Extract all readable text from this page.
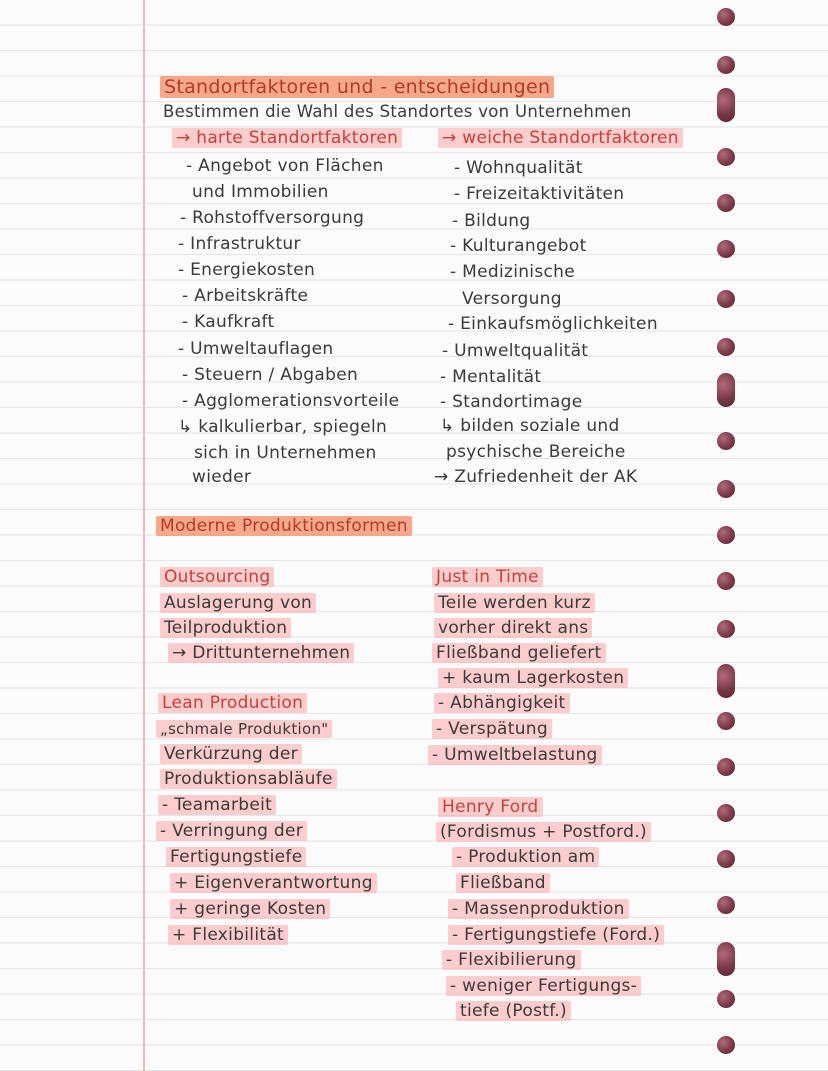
Standortfaktoren und - entscheidungen
Bestimmen die Wahl des Standortes von Unternehmen
→ harte Standortfaktoren	→ weiche Standortfaktoren
- Angebot von Flächen
und Immobilien
- Rohstoffversorgung
- Infrastruktur
- Energiekosten
- Arbeitskräfte
- Kaufkraft
- Umweltauflagen
- Steuern / Abgaben
- Agglomerationsvorteile
↳ kalkulierbar, spiegeln
sich in Unternehmen
wieder
- Wohnqualität
- Freizeitaktivitäten
- Bildung
- Kulturangebot
- Medizinische
Versorgung
- Einkaufsmöglichkeiten
- Umweltqualität
- Mentalität
- Standortimage
↳ bilden soziale und
psychische Bereiche
→ Zufriedenheit der AK
Moderne Produktionsformen
Outsourcing
Auslagerung von
Teilproduktion
→ Drittunternehmen
Just in Time
Teile werden kurz
vorher direkt ans
Fließband geliefert
+ kaum Lagerkosten
- Abhängigkeit
- Verspätung
- Umweltbelastung
Lean Production
„schmale Produktion"
Verkürzung der
Produktionsabläufe
- Teamarbeit
- Verringung der
Fertigungstiefe
+ Eigenverantwortung
+ geringe Kosten
+ Flexibilität
Henry Ford
(Fordismus + Postford.)
- Produktion am
Fließband
- Massenproduktion
- Fertigungstiefe (Ford.)
- Flexibilierung
- weniger Fertigungs-
tiefe (Postf.)
